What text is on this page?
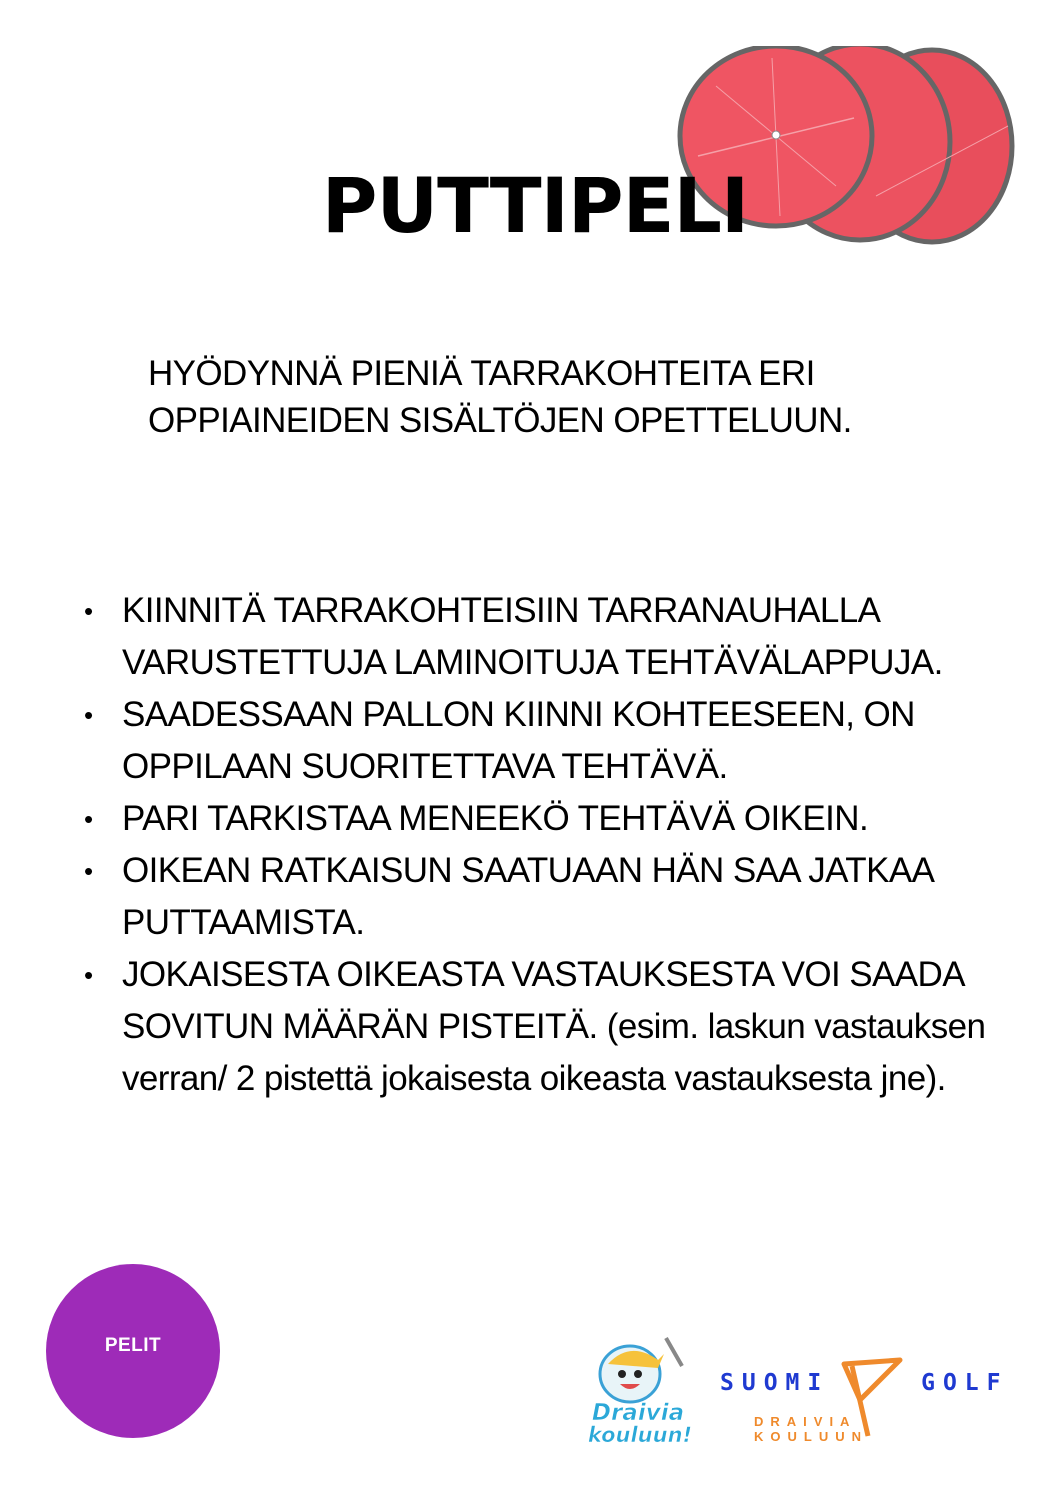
PUTTIPELI

HYÖDYNNÄ PIENIÄ TARRAKOHTEITA ERI
OPPIAINEIDEN SISÄLTÖJEN OPETTELUUN.

• KIINNITÄ TARRAKOHTEISIIN TARRANAUHALLA VARUSTETTUJA LAMINOITUJA TEHTÄVÄLAPPUJA.
• SAADESSAAN PALLON KIINNI KOHTEESEEN, ON OPPILAAN SUORITETTAVA TEHTÄVÄ.
• PARI TARKISTAA MENEEKÖ TEHTÄVÄ OIKEIN.
• OIKEAN RATKAISUN SAATUAAN HÄN SAA JATKAA PUTTAAMISTA.
• JOKAISESTA OIKEASTA VASTAUKSESTA VOI SAADA SOVITUN MÄÄRÄN PISTEITÄ. (esim. laskun vastauksen verran/ 2 pistettä jokaisesta oikeasta vastauksesta jne).
PELIT
Draivia
kouluun!
SUOMI	GOLF
DRAIVIA KOULUUN
